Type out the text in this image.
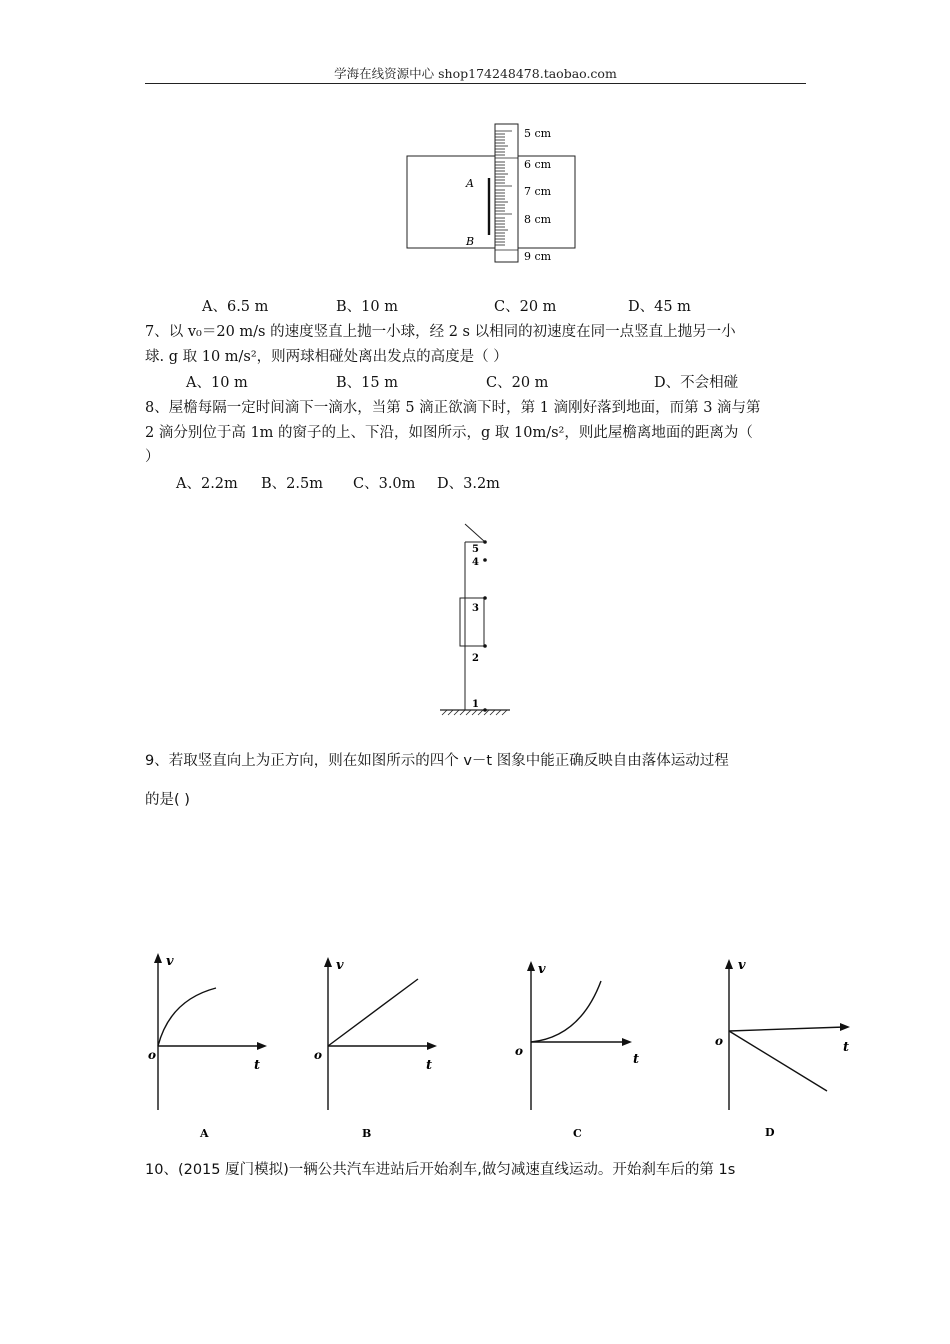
学海在线资源中心 shop174248478.taobao.com
5 cm
6 cm
7 cm
8 cm
9 cm
A
B
A、6.5 m	B、10 m	C、20 m	D、45 m
7、以 v₀＝20 m/s 的速度竖直上抛一小球，经 2 s 以相同的初速度在同一点竖直上抛另一小
球. g 取 10 m/s²，则两球相碰处离出发点的高度是（ ）
A、10 m	B、15 m	C、20 m	D、不会相碰
8、屋檐每隔一定时间滴下一滴水，当第 5 滴正欲滴下时，第 1 滴刚好落到地面，而第 3 滴与第
2 滴分别位于高 1m 的窗子的上、下沿，如图所示，g 取 10m/s²，则此屋檐离地面的距离为（
）
A、2.2m B、2.5m C、3.0m D、3.2m
5
4
3
2
1
9、若取竖直向上为正方向，则在如图所示的四个 v－t 图象中能正确反映自由落体运动过程
的是( )
v
o
t
A
v
o
t
B
v
o
t
C
v
o	t
D
10、(2015 厦门模拟)一辆公共汽车进站后开始刹车,做匀减速直线运动。开始刹车后的第 1s
